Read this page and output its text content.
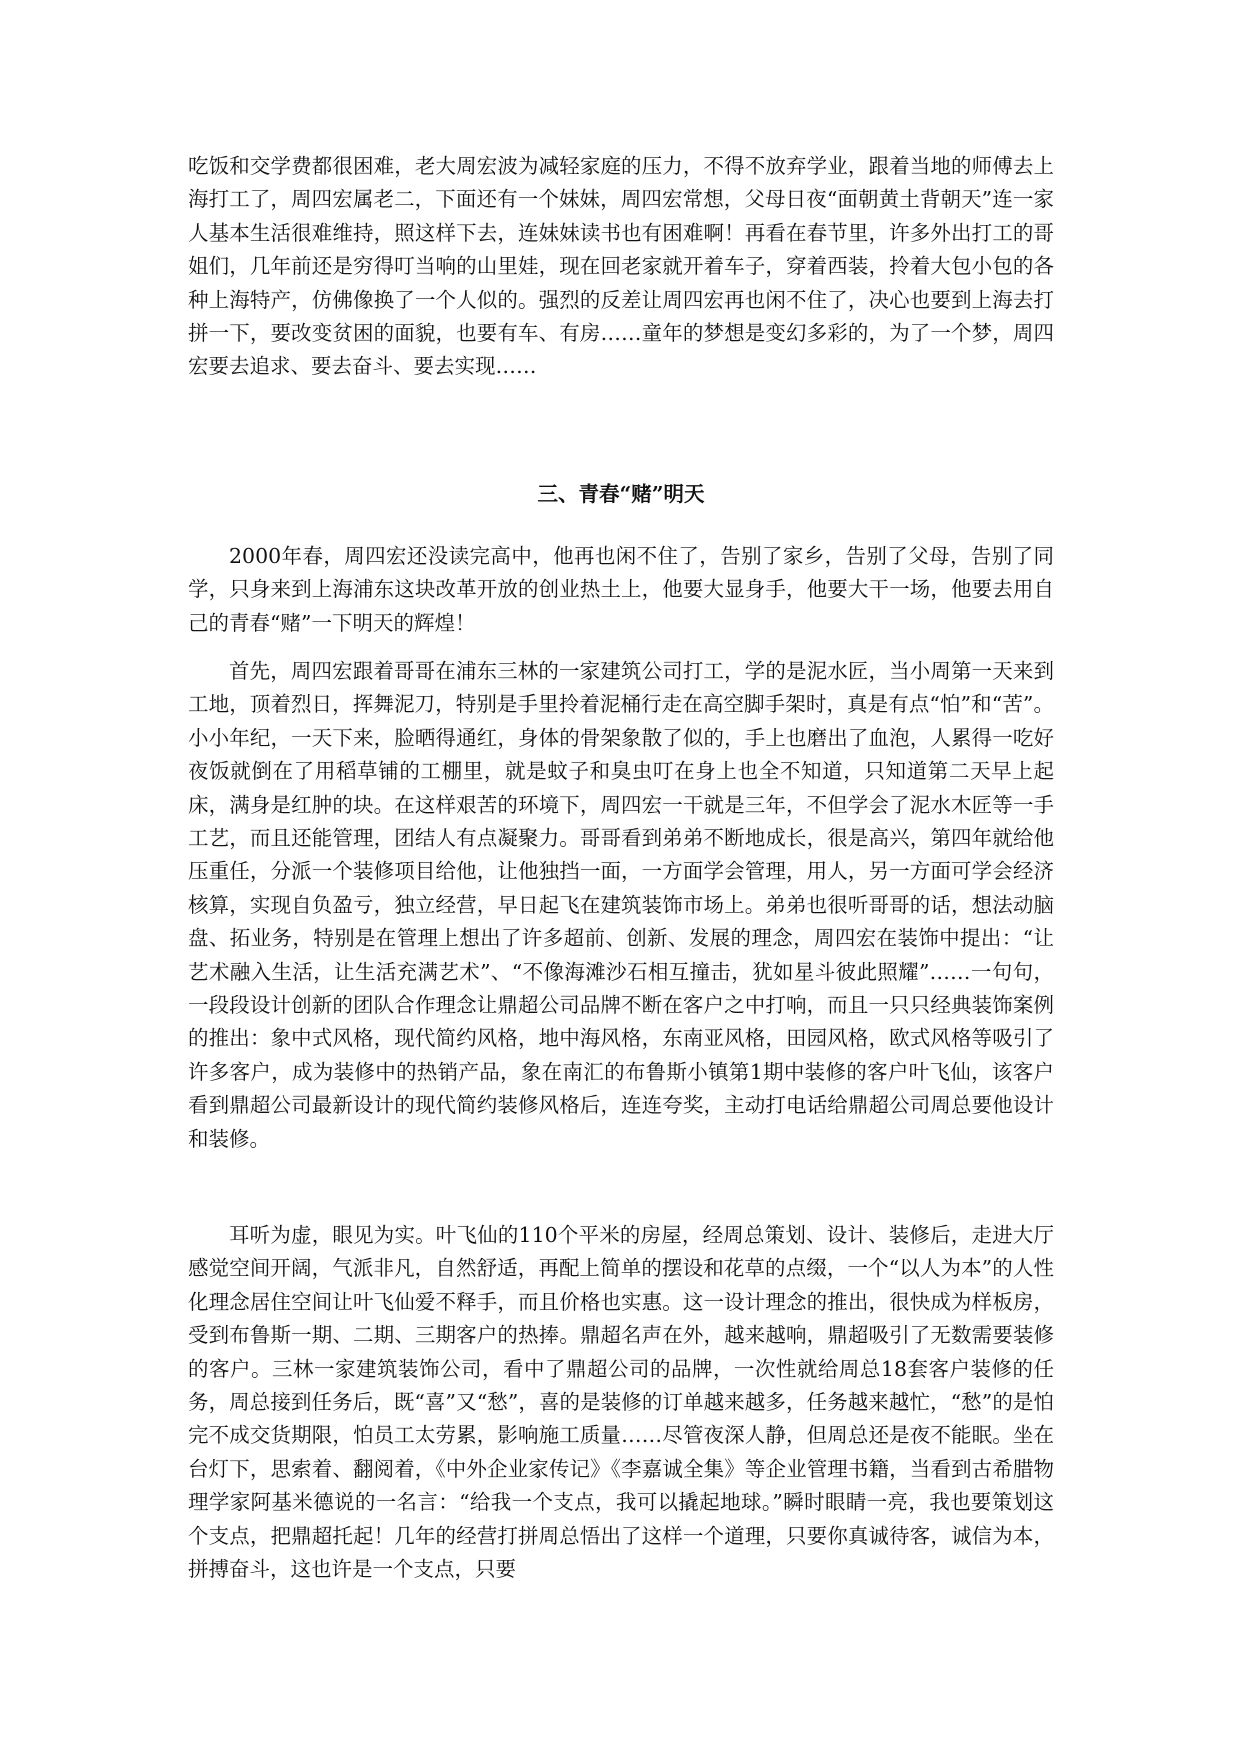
吃饭和交学费都很困难，老大周宏波为减轻家庭的压力，不得不放弃学业，跟着当地的师傅去上海打工了，周四宏属老二，下面还有一个妹妹，周四宏常想，父母日夜“面朝黄土背朝天”连一家人基本生活很难维持，照这样下去，连妹妹读书也有困难啊！再看在春节里，许多外出打工的哥姐们，几年前还是穷得叮当响的山里娃，现在回老家就开着车子，穿着西装，拎着大包小包的各种上海特产，仿佛像换了一个人似的。强烈的反差让周四宏再也闲不住了，决心也要到上海去打拼一下，要改变贫困的面貌，也要有车、有房……童年的梦想是变幻多彩的，为了一个梦，周四宏要去追求、要去奋斗、要去实现……

三、青春“赌”明天

2000年春，周四宏还没读完高中，他再也闲不住了，告别了家乡，告别了父母，告别了同学，只身来到上海浦东这块改革开放的创业热土上，他要大显身手，他要大干一场，他要去用自己的青春“赌”一下明天的辉煌！

首先，周四宏跟着哥哥在浦东三林的一家建筑公司打工，学的是泥水匠，当小周第一天来到工地，顶着烈日，挥舞泥刀，特别是手里拎着泥桶行走在高空脚手架时，真是有点“怕”和“苦”。小小年纪，一天下来，脸晒得通红，身体的骨架象散了似的，手上也磨出了血泡，人累得一吃好夜饭就倒在了用稻草铺的工棚里，就是蚊子和臭虫叮在身上也全不知道，只知道第二天早上起床，满身是红肿的块。在这样艰苦的环境下，周四宏一干就是三年，不但学会了泥水木匠等一手工艺，而且还能管理，团结人有点凝聚力。哥哥看到弟弟不断地成长，很是高兴，第四年就给他压重任，分派一个装修项目给他，让他独挡一面，一方面学会管理，用人，另一方面可学会经济核算，实现自负盈亏，独立经营，早日起飞在建筑装饰市场上。弟弟也很听哥哥的话，想法动脑盘、拓业务，特别是在管理上想出了许多超前、创新、发展的理念，周四宏在装饰中提出：“让艺术融入生活，让生活充满艺术”、“不像海滩沙石相互撞击，犹如星斗彼此照耀”……一句句，一段段设计创新的团队合作理念让鼎超公司品牌不断在客户之中打响，而且一只只经典装饰案例的推出：象中式风格，现代简约风格，地中海风格，东南亚风格，田园风格，欧式风格等吸引了许多客户，成为装修中的热销产品，象在南汇的布鲁斯小镇第1期中装修的客户叶飞仙，该客户看到鼎超公司最新设计的现代简约装修风格后，连连夸奖，主动打电话给鼎超公司周总要他设计和装修。

耳听为虚，眼见为实。叶飞仙的110个平米的房屋，经周总策划、设计、装修后，走进大厅感觉空间开阔，气派非凡，自然舒适，再配上简单的摆设和花草的点缀，一个“以人为本”的人性化理念居住空间让叶飞仙爱不释手，而且价格也实惠。这一设计理念的推出，很快成为样板房，受到布鲁斯一期、二期、三期客户的热捧。鼎超名声在外，越来越响，鼎超吸引了无数需要装修的客户。三林一家建筑装饰公司，看中了鼎超公司的品牌，一次性就给周总18套客户装修的任务，周总接到任务后，既“喜”又“愁”，喜的是装修的订单越来越多，任务越来越忙，“愁”的是怕完不成交货期限，怕员工太劳累，影响施工质量……尽管夜深人静，但周总还是夜不能眠。坐在台灯下，思索着、翻阅着，《中外企业家传记》《李嘉诚全集》等企业管理书籍，当看到古希腊物理学家阿基米德说的一名言：“给我一个支点，我可以撬起地球。”瞬时眼睛一亮，我也要策划这个支点，把鼎超托起！几年的经营打拼周总悟出了这样一个道理，只要你真诚待客，诚信为本，拼搏奋斗，这也许是一个支点，只要
